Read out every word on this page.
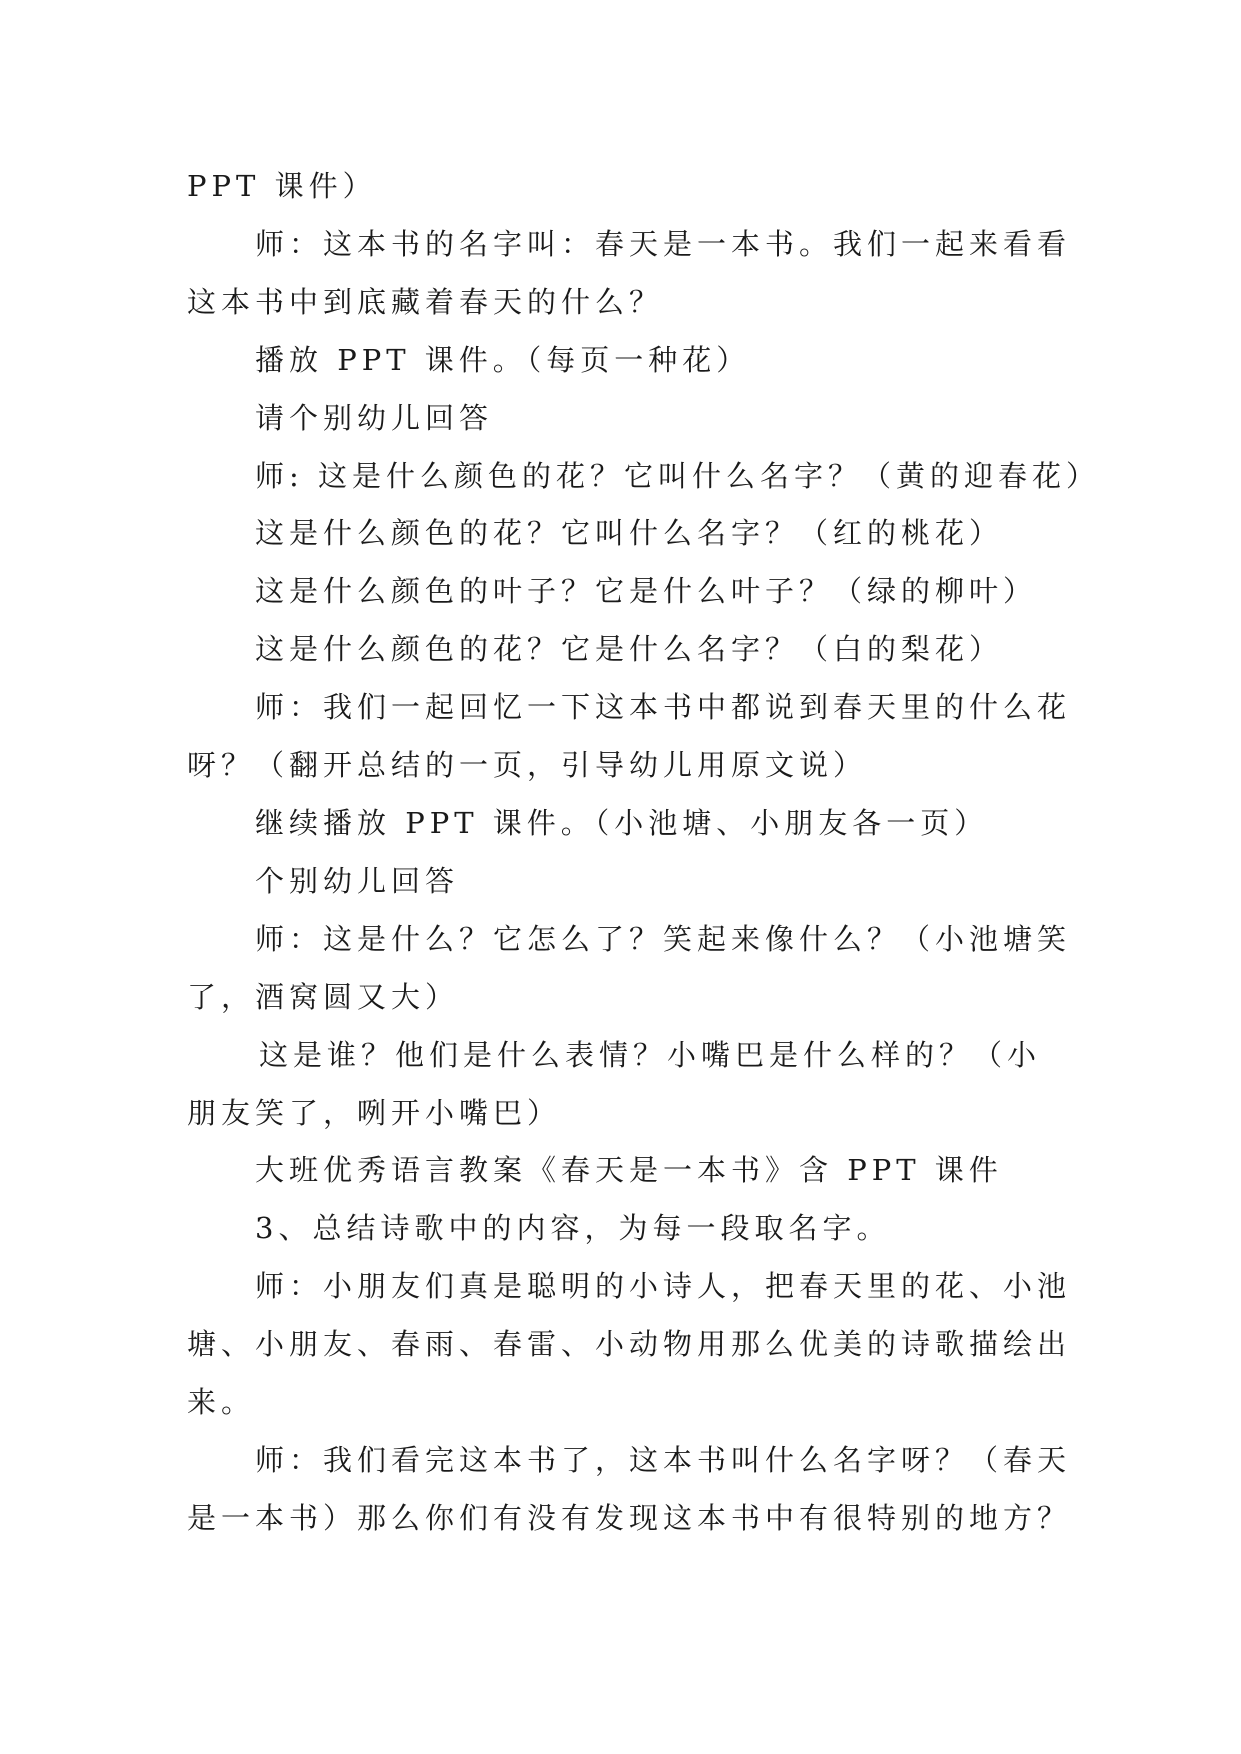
PPT 课件）
师：这本书的名字叫：春天是一本书。我们一起来看看
这本书中到底藏着春天的什么？
播放 PPT 课件。（每页一种花）
请个别幼儿回答
师: 这是什么颜色的花？它叫什么名字？（黄的迎春花）
这是什么颜色的花？它叫什么名字？（红的桃花）
这是什么颜色的叶子？它是什么叶子？（绿的柳叶）
这是什么颜色的花？它是什么名字？（白的梨花）
师：我们一起回忆一下这本书中都说到春天里的什么花
呀？（翻开总结的一页，引导幼儿用原文说）
继续播放 PPT 课件。（小池塘、小朋友各一页）
个别幼儿回答
师：这是什么？它怎么了？笑起来像什么？（小池塘笑
了，酒窝圆又大）
这是谁？他们是什么表情？小嘴巴是什么样的？（小
朋友笑了，咧开小嘴巴）
大班优秀语言教案《春天是一本书》含 PPT 课件
3、总结诗歌中的内容，为每一段取名字。
师：小朋友们真是聪明的小诗人，把春天里的花、小池
塘、小朋友、春雨、春雷、小动物用那么优美的诗歌描绘出
来。
师：我们看完这本书了，这本书叫什么名字呀？（春天
是一本书）那么你们有没有发现这本书中有很特别的地方？
